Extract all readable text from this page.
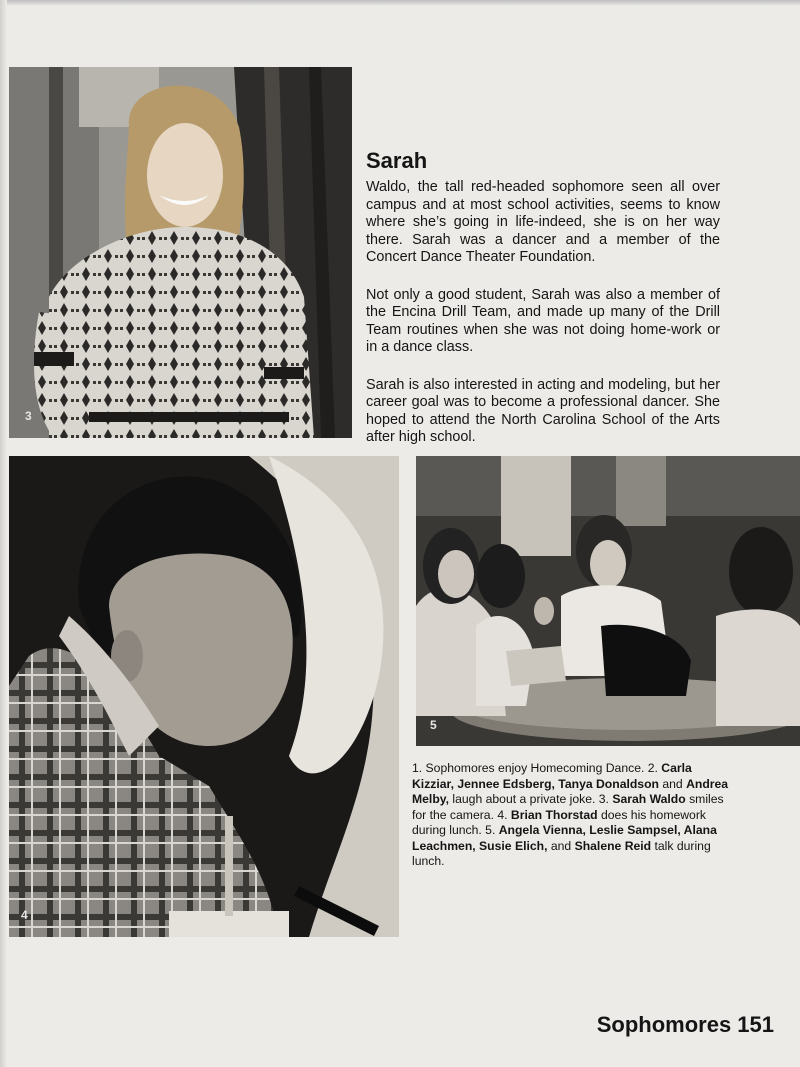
3
Sarah

Waldo, the tall red-headed sophomore seen all over campus and at most school activities, seems to know where she’s going in life-indeed, she is on her way there. Sarah was a dancer and a member of the Concert Dance Theater Foundation.

Not only a good student, Sarah was also a member of the Encina Drill Team, and made up many of the Drill Team routines when she was not doing home-work or in a dance class.

Sarah is also interested in acting and modeling, but her career goal was to become a professional dancer. She hoped to attend the North Carolina School of the Arts after high school.

4
5
1. Sophomores enjoy Homecoming Dance. 2. Carla Kizziar, Jennee Edsberg, Tanya Donaldson and Andrea Melby, laugh about a private joke. 3. Sarah Waldo smiles for the camera. 4. Brian Thorstad does his homework during lunch. 5. Angela Vienna, Leslie Sampsel, Alana Leachmen, Susie Elich, and Shalene Reid talk during lunch.
Sophomores 151
